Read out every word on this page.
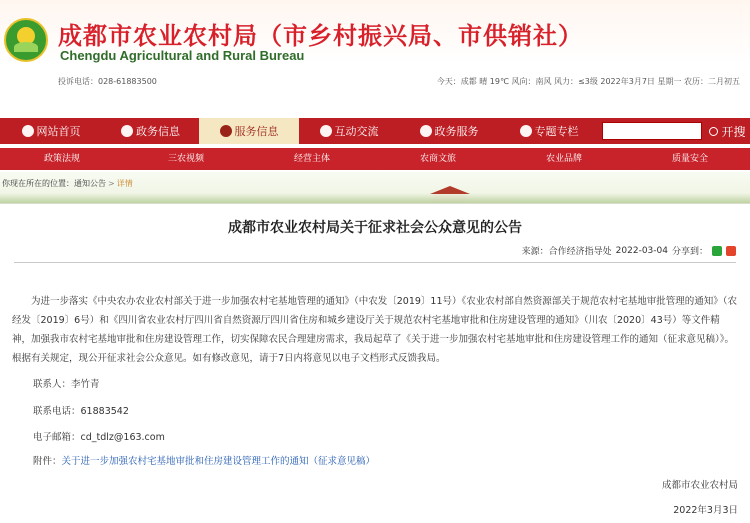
成都市农业农村局（市乡村振兴局、市供销社）
Chengdu Agricultural and Rural Bureau
投诉电话：028-61883500	今天：成都 晴 19℃ 风向：南风 风力：≤3级 2022年3月7日 星期一 农历：二月初五
网站首页	政务信息	服务信息	互动交流	政务服务	专题专栏	开搜
政策法规	三农视频	经营主体	农商文旅	农业品牌	质量安全
你现在所在的位置：通知公告 > 详情
成都市农业农村局关于征求社会公众意见的公告
来源：合作经济指导处 2022-03-04 分享到：
为进一步落实《中央农办农业农村部关于进一步加强农村宅基地管理的通知》（中农发〔2019〕11号）《农业农村部自然资源部关于规范农村宅基地审批管理的通知》（农经发〔2019〕6号）和《四川省农业农村厅四川省自然资源厅四川省住房和城乡建设厅关于规范农村宅基地审批和住房建设管理的通知》（川农〔2020〕43号）等文件精神，加强我市农村宅基地审批和住房建设管理工作，切实保障农民合理建房需求，我局起草了《关于进一步加强农村宅基地审批和住房建设管理工作的通知（征求意见稿）》。根据有关规定，现公开征求社会公众意见。如有修改意见，请于7日内将意见以电子文档形式反馈我局。
联系人：李竹青
联系电话：61883542
电子邮箱：cd_tdlz@163.com
附件：关于进一步加强农村宅基地审批和住房建设管理工作的通知（征求意见稿）
成都市农业农村局
2022年3月3日
